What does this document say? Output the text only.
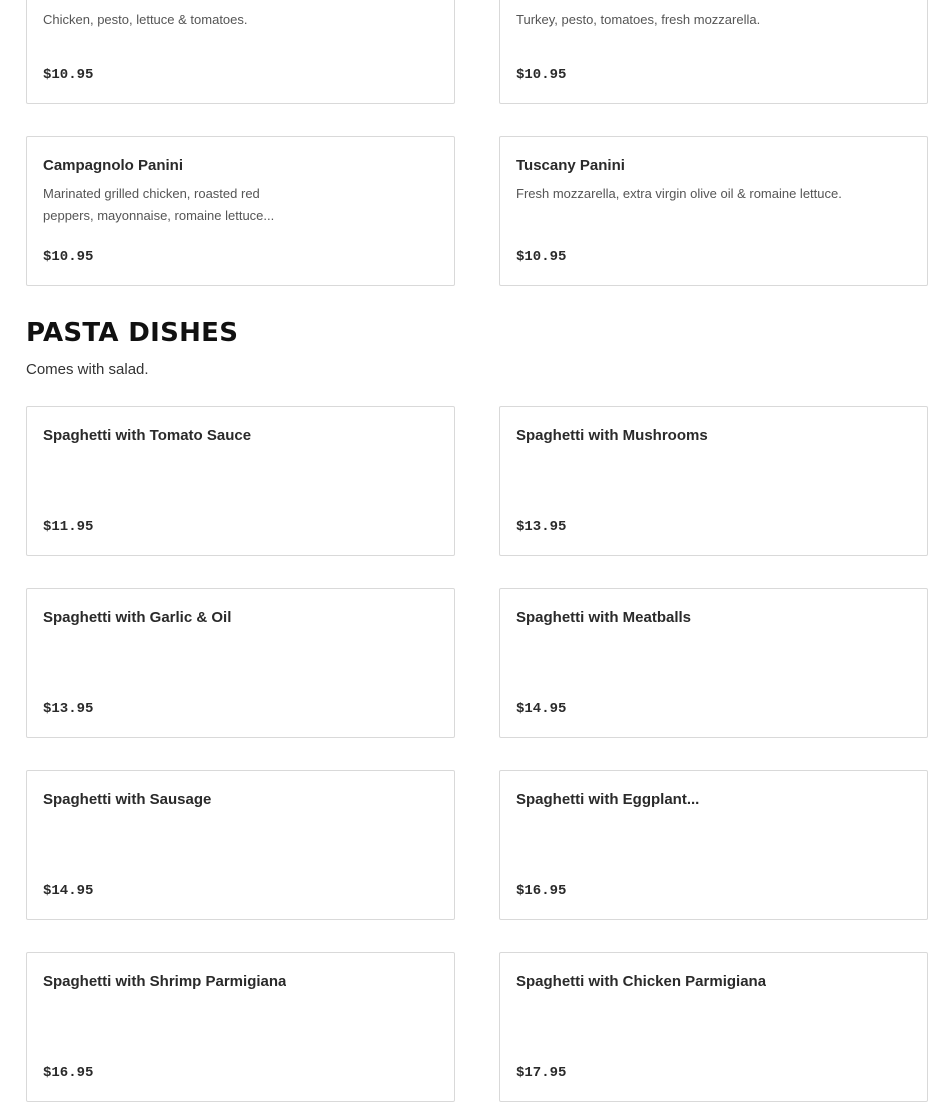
Chicken, pesto, lettuce & tomatoes.
$10.95
Turkey, pesto, tomatoes, fresh mozzarella.
$10.95
Campagnolo Panini
Marinated grilled chicken, roasted red peppers, mayonnaise, romaine lettuce...
$10.95
Tuscany Panini
Fresh mozzarella, extra virgin olive oil & romaine lettuce.
$10.95
PASTA DISHES

Comes with salad.

Spaghetti with Tomato Sauce
$11.95
Spaghetti with Mushrooms
$13.95
Spaghetti with Garlic & Oil
$13.95
Spaghetti with Meatballs
$14.95
Spaghetti with Sausage
$14.95
Spaghetti with Eggplant...
$16.95
Spaghetti with Shrimp Parmigiana
$16.95
Spaghetti with Chicken Parmigiana
$17.95
